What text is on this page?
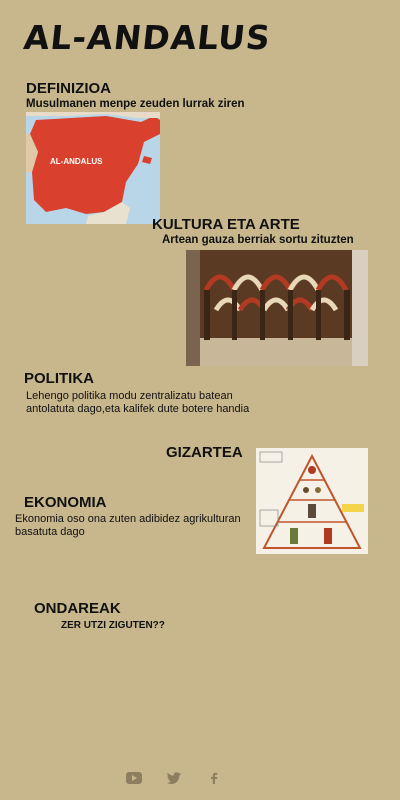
AL-ANDALUS
DEFINIZIOA
Musulmanen menpe zeuden lurrak ziren
AL-ANDALUS
KULTURA ETA ARTE
Artean gauza berriak sortu zituzten
POLITIKA
Lehengo politika modu zentralizatu batean
antolatuta dago,eta kalifek dute botere handia
GIZARTEA
EKONOMIA
Ekonomia oso ona zuten adibidez agrikulturan
basatuta dago
ONDAREAK
ZER UTZI ZIGUTEN??
